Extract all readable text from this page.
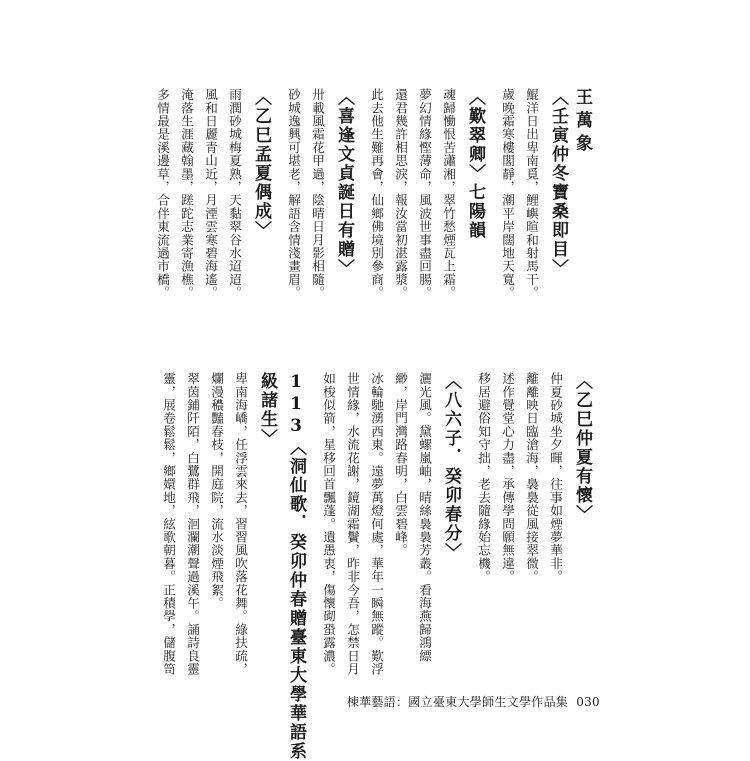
王萬象
〈壬寅仲冬寶桑即目〉
鯤洋日出卑南覓，鯉嶼暄和射馬干。
歲晚霜寒樓閣靜，潮平岸闊地天寬。
〈歎翠卿〉七陽韻
魂歸慟恨苦瀟湘，翠竹愁煙瓦上霜。
夢幻情緣慳薄命，風波世事盡回腸。
還君幾許相思淚，報汝當初湛露漿。
此去他生難再會，仙鄉佛境別參商。
〈喜逢文貞誕日有贈〉
卅載風霜花甲過，陰晴日月影相隨。
砂城逸興可堪老，解語含情淺畫眉。
〈乙巳孟夏偶成〉
雨潤砂城梅夏熟，天黏翠谷水迢迢。
風和日麗青山近，月湮雲寒碧海遙。
淹落生涯藏翰墨，蹉跎志業寄漁樵。
多情最是溪邊草，合伴東流過市橋。
〈乙巳仲夏有懷〉
仲夏砂城坐夕暉，往事如煙夢華非。
離離映日臨滄海，裊裊從風接翠微。
述作覺堂心力盡，承傳學問願無違。
移居避俗知守拙，老去隨緣始忘機。
〈八六子．癸卯春分〉
灑光風。黛螺嵐岫，晴絲裊裊芳叢。看海燕歸鴻縹
緲，岸門灣路春明，白雲碧峰。
冰輪馳湧西東。遠夢萬燈何處，華年一瞬無蹤。歎浮
世情緣，水流花謝，鏡湖霜鬢，昨非今吾，怎禁日月
如梭似箭，星移回首飄蓬。遺愚衷，傷懷砌蛩露濃。
113〈洞仙歌．癸卯仲春贈臺東大學華語系
級諸生〉
卑南海嶠，任浮雲來去，習習風吹落花舞。綠扶疏，
爛漫穠豔春枝，開庭院，流水淡煙飛絮。
翠茵鋪阡陌，白鷺群飛，洄瀾潮聲過溪午。誦詩良靈
靈，展卷鬆鬆，鄉嬛地，絃歌朝暮。正積學，儲腹笥
棟華藝語：國立臺東大學師生文學作品集 030
